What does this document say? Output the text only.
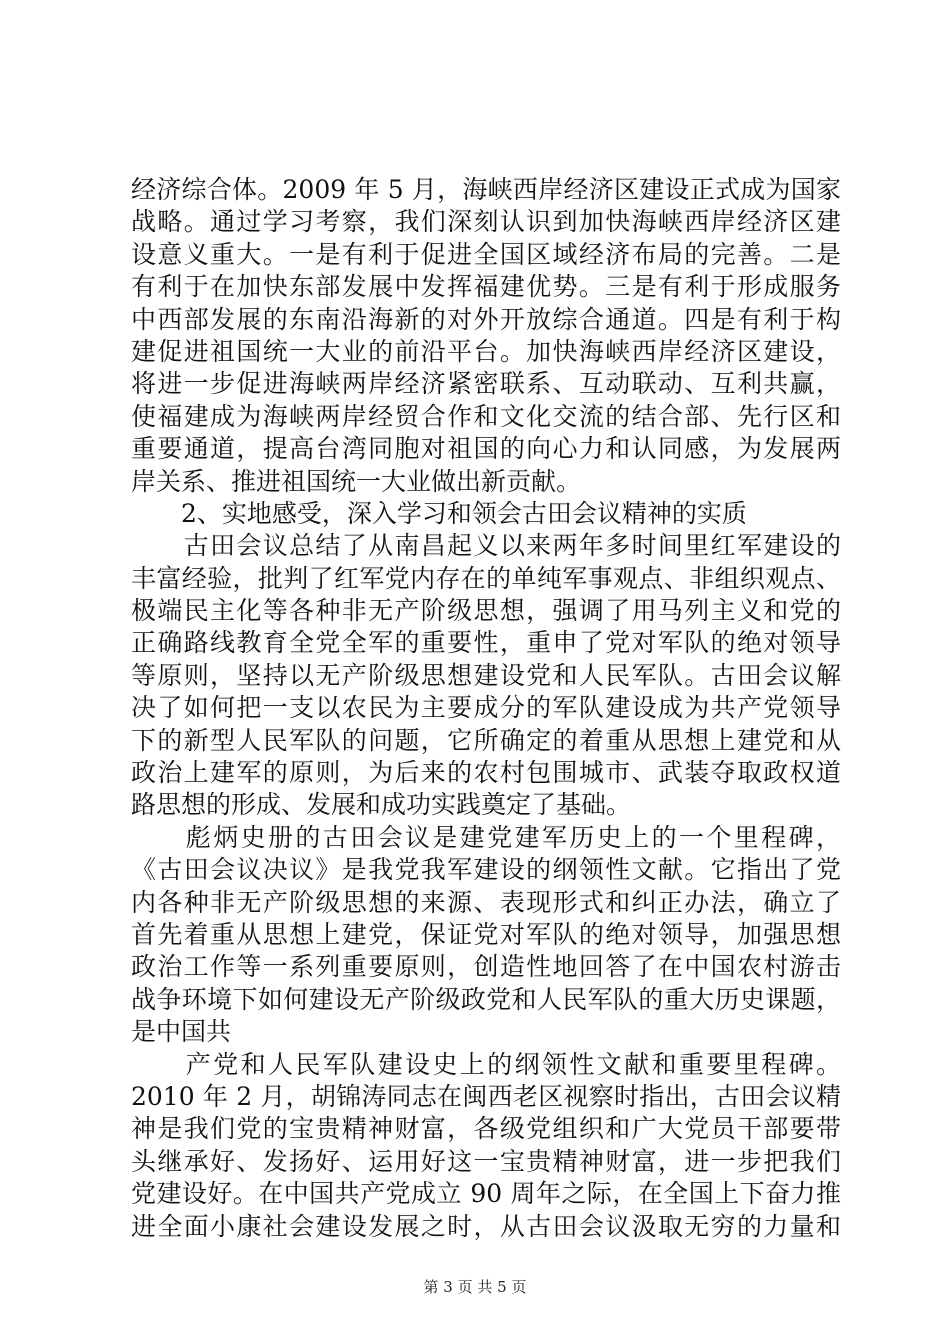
经济综合体。2009 年 5 月，海峡西岸经济区建设正式成为国家
战略。通过学习考察，我们深刻认识到加快海峡西岸经济区建
设意义重大。一是有利于促进全国区域经济布局的完善。二是
有利于在加快东部发展中发挥福建优势。三是有利于形成服务
中西部发展的东南沿海新的对外开放综合通道。四是有利于构
建促进祖国统一大业的前沿平台。加快海峡西岸经济区建设，
将进一步促进海峡两岸经济紧密联系、互动联动、互利共赢，
使福建成为海峡两岸经贸合作和文化交流的结合部、先行区和
重要通道，提高台湾同胞对祖国的向心力和认同感，为发展两
岸关系、推进祖国统一大业做出新贡献。
　　2、实地感受，深入学习和领会古田会议精神的实质
　　古田会议总结了从南昌起义以来两年多时间里红军建设的
丰富经验，批判了红军党内存在的单纯军事观点、非组织观点、
极端民主化等各种非无产阶级思想，强调了用马列主义和党的
正确路线教育全党全军的重要性，重申了党对军队的绝对领导
等原则，坚持以无产阶级思想建设党和人民军队。古田会议解
决了如何把一支以农民为主要成分的军队建设成为共产党领导
下的新型人民军队的问题，它所确定的着重从思想上建党和从
政治上建军的原则，为后来的农村包围城市、武装夺取政权道
路思想的形成、发展和成功实践奠定了基础。
　　彪炳史册的古田会议是建党建军历史上的一个里程碑，
《古田会议决议》是我党我军建设的纲领性文献。它指出了党
内各种非无产阶级思想的来源、表现形式和纠正办法，确立了
首先着重从思想上建党，保证党对军队的绝对领导，加强思想
政治工作等一系列重要原则，创造性地回答了在中国农村游击
战争环境下如何建设无产阶级政党和人民军队的重大历史课题，
是中国共
　　产党和人民军队建设史上的纲领性文献和重要里程碑。
2010 年 2 月，胡锦涛同志在闽西老区视察时指出，古田会议精
神是我们党的宝贵精神财富，各级党组织和广大党员干部要带
头继承好、发扬好、运用好这一宝贵精神财富，进一步把我们
党建设好。在中国共产党成立 90 周年之际，在全国上下奋力推
进全面小康社会建设发展之时，从古田会议汲取无穷的力量和
第 3 页 共 5 页
